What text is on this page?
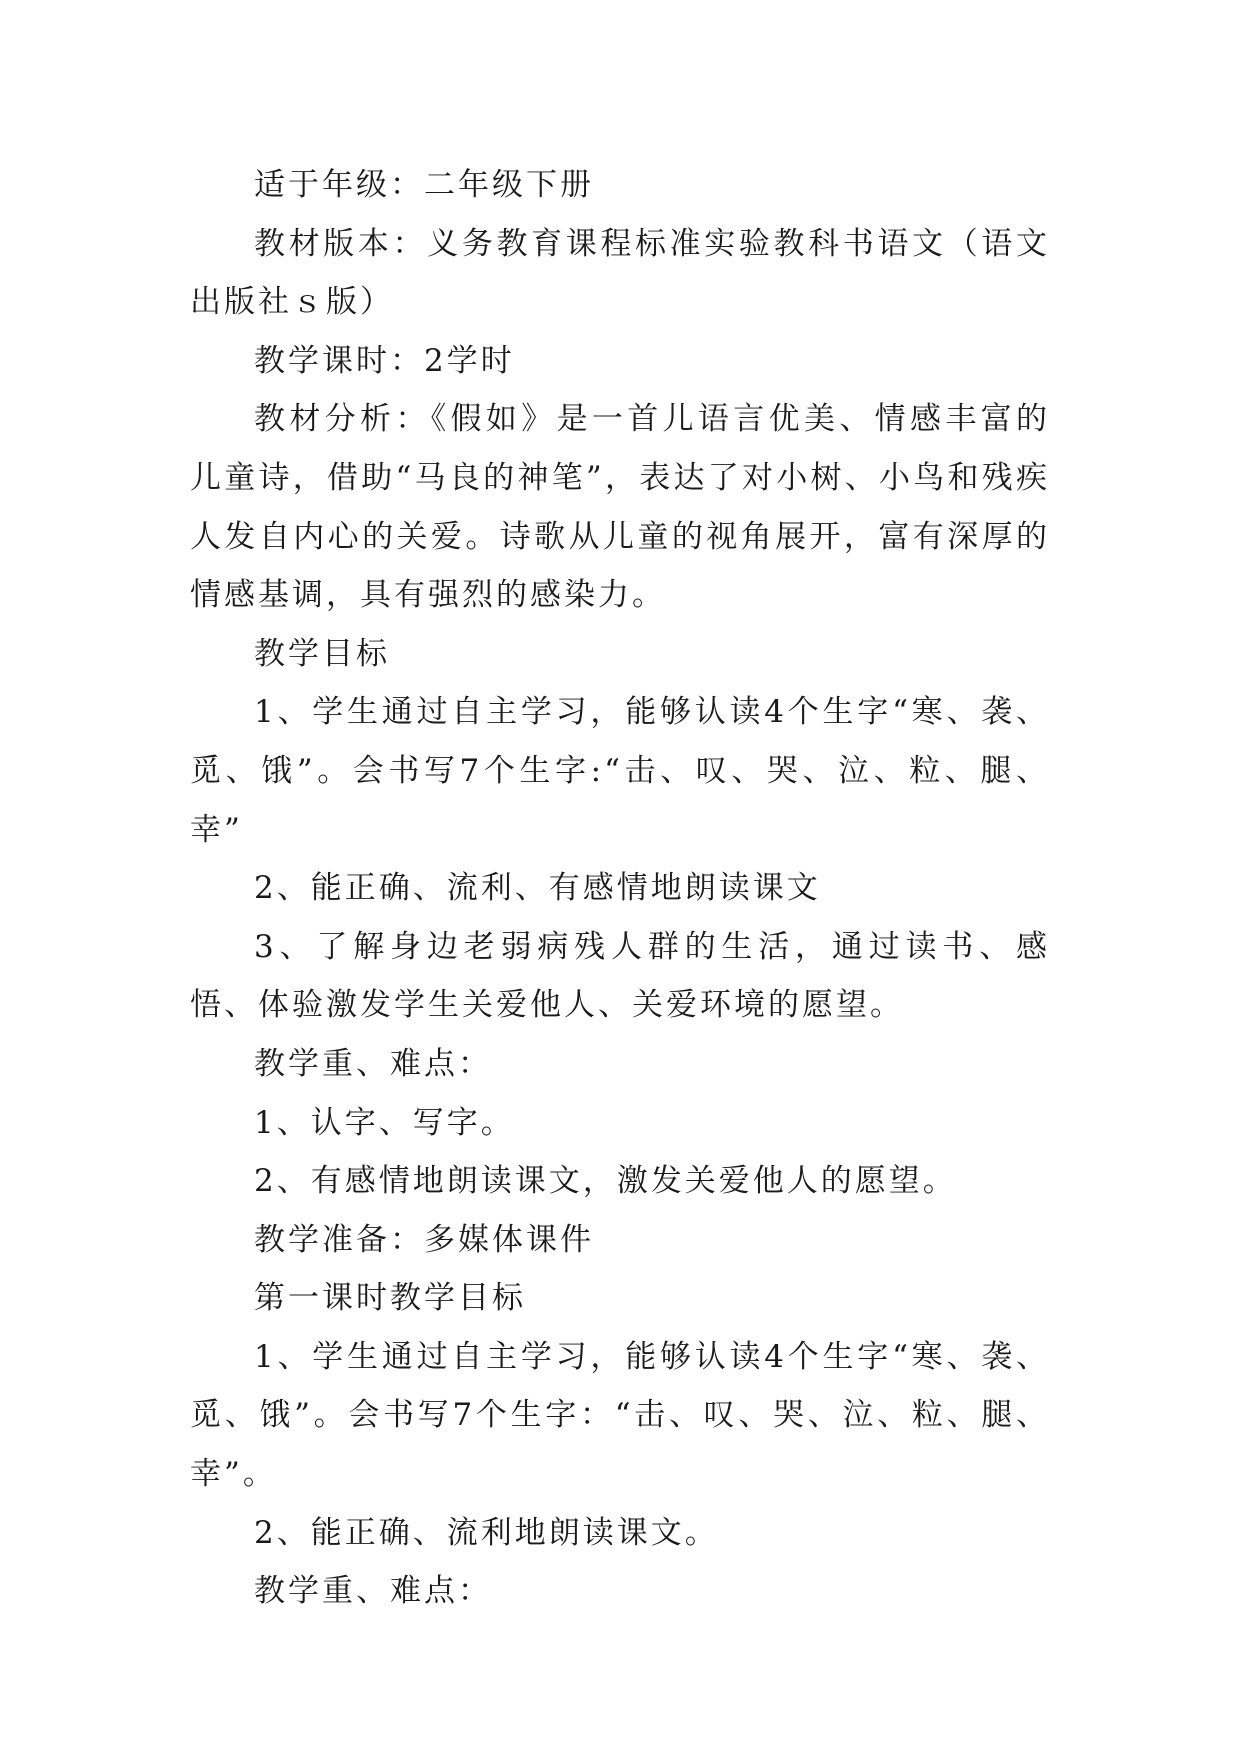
适于年级：二年级下册

教材版本：义务教育课程标准实验教科书语文（语文出版社ｓ版）

教学课时：2学时

教材分析：《假如》是一首儿语言优美、情感丰富的儿童诗，借助“马良的神笔”，表达了对小树、小鸟和残疾人发自内心的关爱。诗歌从儿童的视角展开，富有深厚的情感基调，具有强烈的感染力。

教学目标

1、学生通过自主学习，能够认读4个生字“寒、袭、觅、饿”。会书写7个生字:“击、叹、哭、泣、粒、腿、幸”

2、能正确、流利、有感情地朗读课文

3、了解身边老弱病残人群的生活，通过读书、感悟、体验激发学生关爱他人、关爱环境的愿望。

教学重、难点：

1、认字、写字。

2、有感情地朗读课文，激发关爱他人的愿望。

教学准备：多媒体课件

第一课时教学目标

1、学生通过自主学习，能够认读4个生字“寒、袭、觅、饿”。会书写7个生字：“击、叹、哭、泣、粒、腿、幸”。

2、能正确、流利地朗读课文。

教学重、难点：
